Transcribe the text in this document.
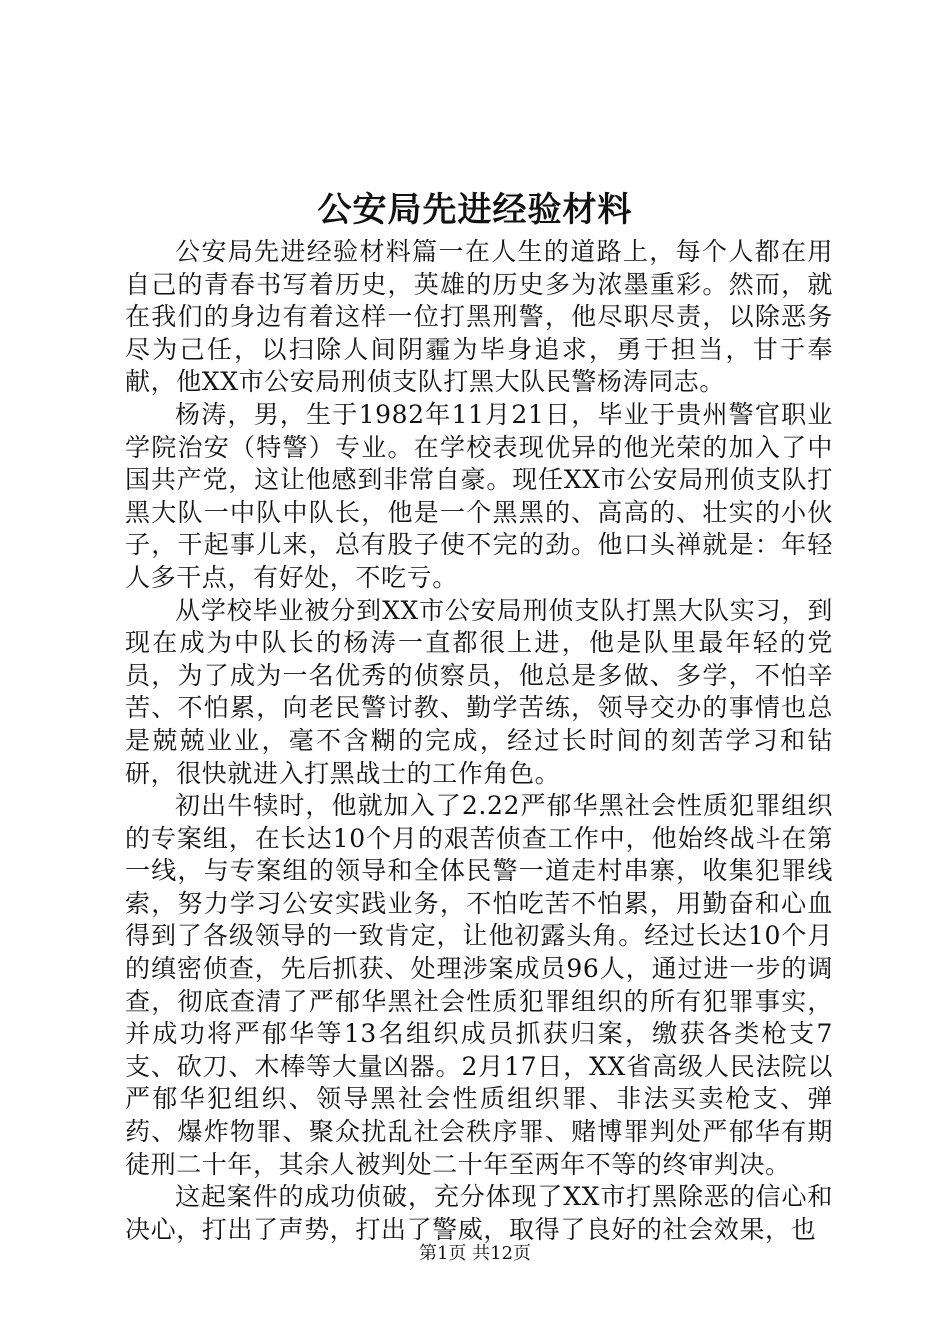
公安局先进经验材料

公安局先进经验材料篇一在人生的道路上，每个人都在用自己的青春书写着历史，英雄的历史多为浓墨重彩。然而，就在我们的身边有着这样一位打黑刑警，他尽职尽责，以除恶务尽为己任，以扫除人间阴霾为毕身追求，勇于担当，甘于奉献，他XX市公安局刑侦支队打黑大队民警杨涛同志。

杨涛，男，生于1982年11月21日，毕业于贵州警官职业学院治安（特警）专业。在学校表现优异的他光荣的加入了中国共产党，这让他感到非常自豪。现任XX市公安局刑侦支队打黑大队一中队中队长，他是一个黑黑的、高高的、壮实的小伙子，干起事儿来，总有股子使不完的劲。他口头禅就是：年轻人多干点，有好处，不吃亏。

从学校毕业被分到XX市公安局刑侦支队打黑大队实习，到现在成为中队长的杨涛一直都很上进，他是队里最年轻的党员，为了成为一名优秀的侦察员，他总是多做、多学，不怕辛苦、不怕累，向老民警讨教、勤学苦练，领导交办的事情也总是兢兢业业，毫不含糊的完成，经过长时间的刻苦学习和钻研，很快就进入打黑战士的工作角色。

初出牛犊时，他就加入了2.22严郁华黑社会性质犯罪组织的专案组，在长达10个月的艰苦侦查工作中，他始终战斗在第一线，与专案组的领导和全体民警一道走村串寨，收集犯罪线索，努力学习公安实践业务，不怕吃苦不怕累，用勤奋和心血得到了各级领导的一致肯定，让他初露头角。经过长达10个月的缜密侦查，先后抓获、处理涉案成员96人，通过进一步的调查，彻底查清了严郁华黑社会性质犯罪组织的所有犯罪事实，并成功将严郁华等13名组织成员抓获归案，缴获各类枪支7支、砍刀、木棒等大量凶器。2月17日，XX省高级人民法院以严郁华犯组织、领导黑社会性质组织罪、非法买卖枪支、弹药、爆炸物罪、聚众扰乱社会秩序罪、赌博罪判处严郁华有期徒刑二十年，其余人被判处二十年至两年不等的终审判决。

这起案件的成功侦破，充分体现了XX市打黑除恶的信心和决心，打出了声势，打出了警威，取得了良好的社会效果，也

第1页 共12页
